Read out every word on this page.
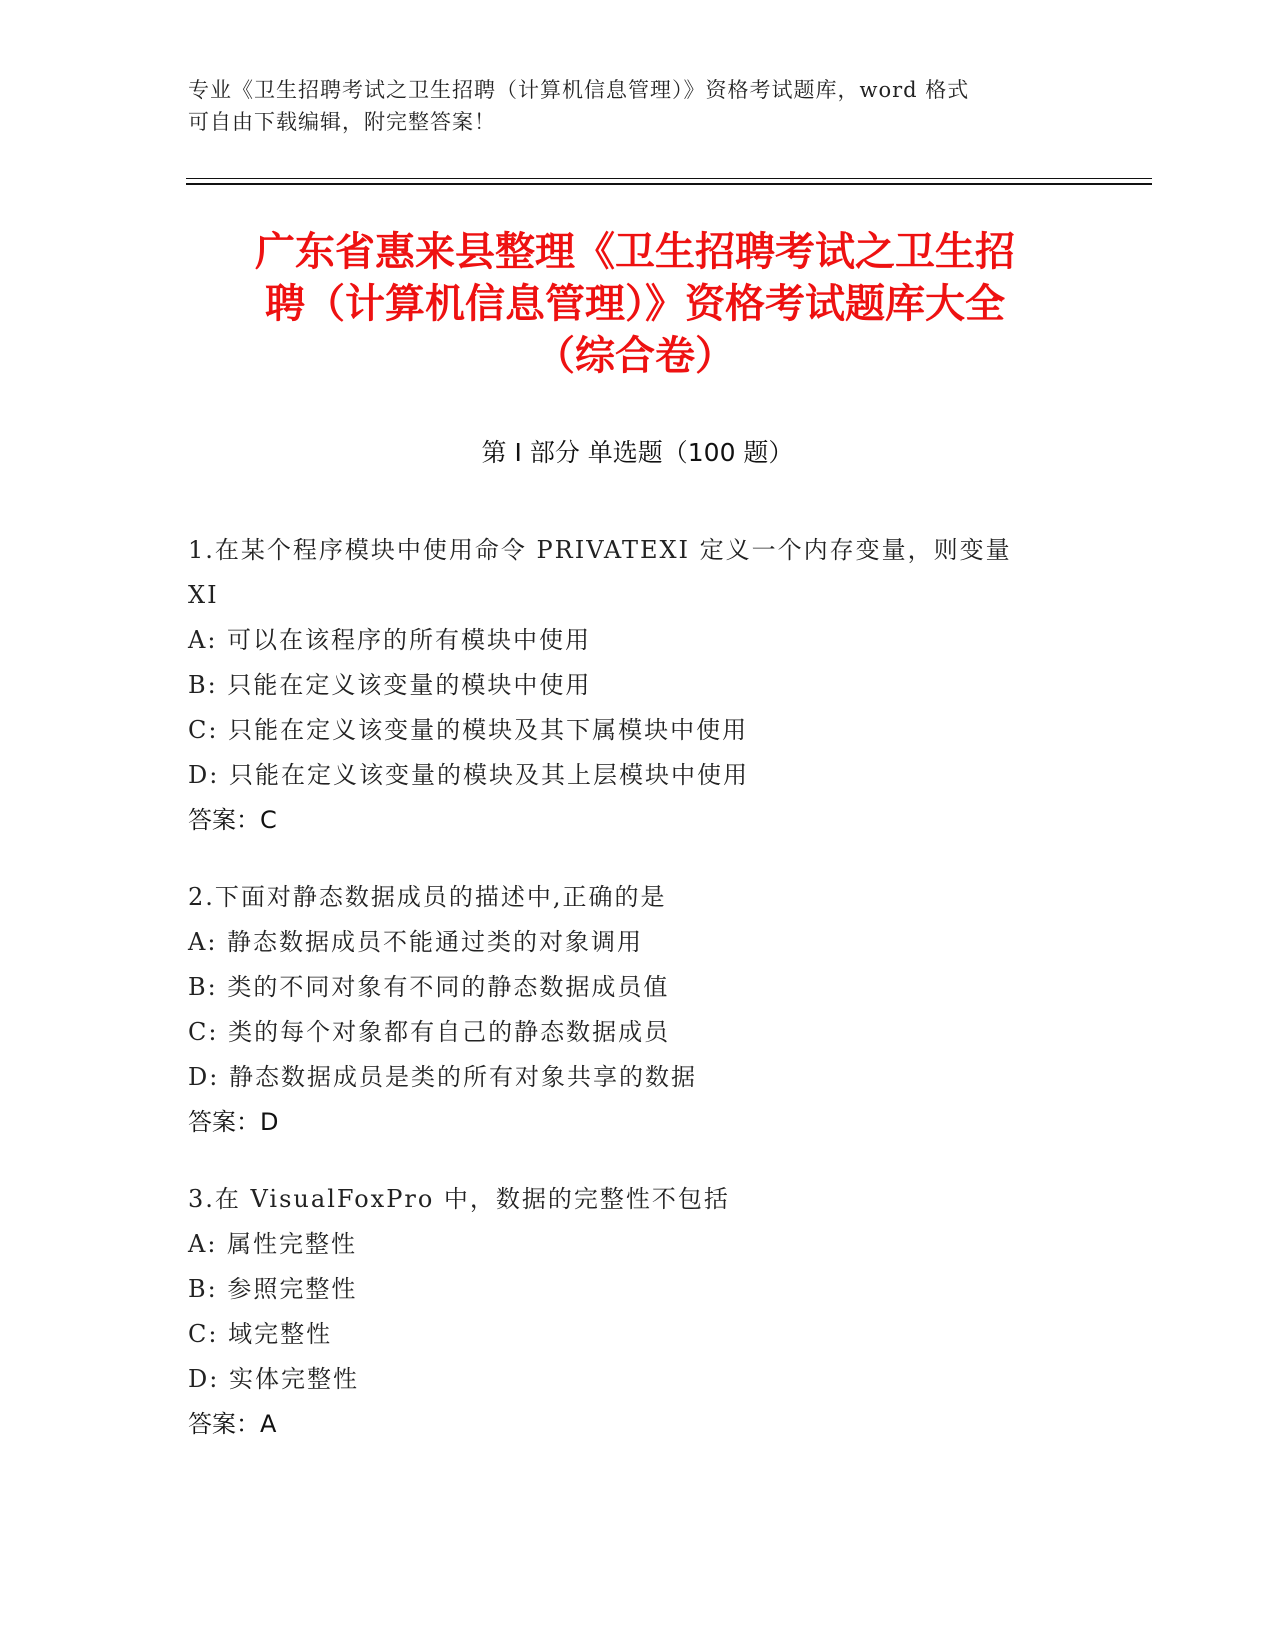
专业《卫生招聘考试之卫生招聘（计算机信息管理）》资格考试题库，word 格式
可自由下载编辑，附完整答案！
广东省惠来县整理《卫生招聘考试之卫生招
聘（计算机信息管理）》资格考试题库大全
（综合卷）
第 I 部分 单选题（100 题）
1.在某个程序模块中使用命令 PRIVATEXI 定义一个内存变量，则变量
XI
A: 可以在该程序的所有模块中使用
B: 只能在定义该变量的模块中使用
C: 只能在定义该变量的模块及其下属模块中使用
D: 只能在定义该变量的模块及其上层模块中使用
答案：C
2.下面对静态数据成员的描述中,正确的是
A: 静态数据成员不能通过类的对象调用
B: 类的不同对象有不同的静态数据成员值
C: 类的每个对象都有自己的静态数据成员
D: 静态数据成员是类的所有对象共享的数据
答案：D
3.在 VisualFoxPro 中，数据的完整性不包括
A: 属性完整性
B: 参照完整性
C: 域完整性
D: 实体完整性
答案：A
